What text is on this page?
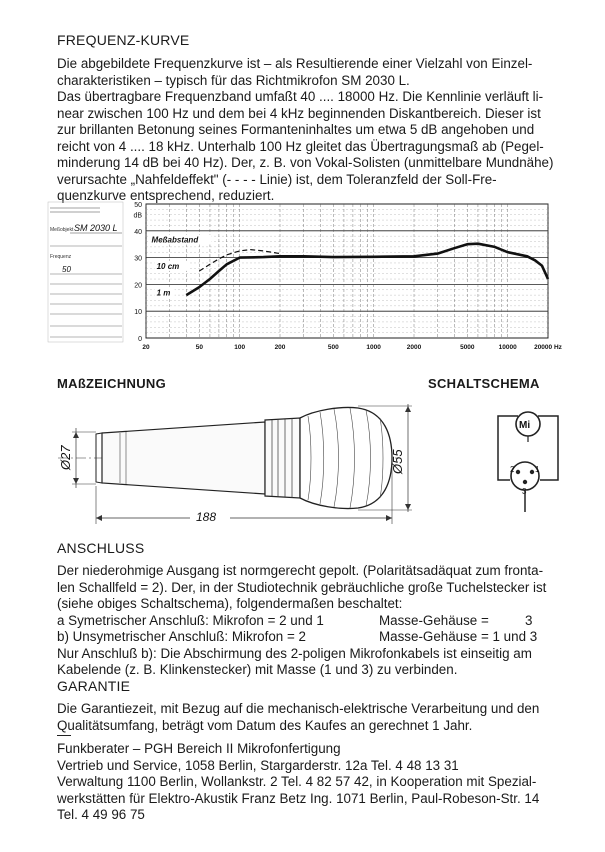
FREQUENZ-KURVE
Die abgebildete Frequenzkurve ist – als Resultierende einer Vielzahl von Einzel-
charakteristiken – typisch für das Richtmikrofon SM 2030 L.
Das übertragbare Frequenzband umfaßt 40 .... 18000 Hz. Die Kennlinie verläuft li-
near zwischen 100 Hz und dem bei 4 kHz beginnenden Diskantbereich. Dieser ist
zur brillanten Betonung seines Formanteninhaltes um etwa 5 dB angehoben und
reicht von 4 .... 18 kHz. Unterhalb 100 Hz gleitet das Übertragungsmaß ab (Pegel-
minderung 14 dB bei 40 Hz). Der, z. B. von Vokal-Solisten (unmittelbare Mundnähe)
verursachte „Nahfeldeffekt" (- - - - Linie) ist, dem Toleranzfeld der Soll-Fre-
quenzkurve entsprechend, reduziert.
Meßobjekt SM 2030 L
Frequenz
50
50
40
30
20
10
0
dB
20	50	100	200	500	1000	2000	5000	10000	20000 Hz
Meßabstand
10 cm
1 m
MAßZEICHNUNG	SCHALTSCHEMA
Ø27	Ø55
188
Mi
2	1
3
ANSCHLUSS
Der niederohmige Ausgang ist normgerecht gepolt. (Polaritätsadäquat zum fronta-
len Schallfeld = 2). Der, in der Studiotechnik gebräuchliche große Tuchelstecker ist
(siehe obiges Schaltschema), folgendermaßen beschaltet:
a Symetrischer Anschluß: Mikrofon = 2 und 1	Masse-Gehäuse =	3
b) Unsymetrischer Anschluß: Mikrofon = 2	Masse-Gehäuse = 1 und 3
Nur Anschluß b): Die Abschirmung des 2-poligen Mikrofonkabels ist einseitig am
Kabelende (z. B. Klinkenstecker) mit Masse (1 und 3) zu verbinden.
GARANTIE
Die Garantiezeit, mit Bezug auf die mechanisch-elektrische Verarbeitung und den
Qualitätsumfang, beträgt vom Datum des Kaufes an gerechnet 1 Jahr.
Funkberater – PGH Bereich II Mikrofonfertigung
Vertrieb und Service, 1058 Berlin, Stargarderstr. 12a Tel. 4 48 13 31
Verwaltung 1100 Berlin, Wollankstr. 2 Tel. 4 82 57 42, in Kooperation mit Spezial-
werkstätten für Elektro-Akustik Franz Betz Ing. 1071 Berlin, Paul-Robeson-Str. 14
Tel. 4 49 96 75
